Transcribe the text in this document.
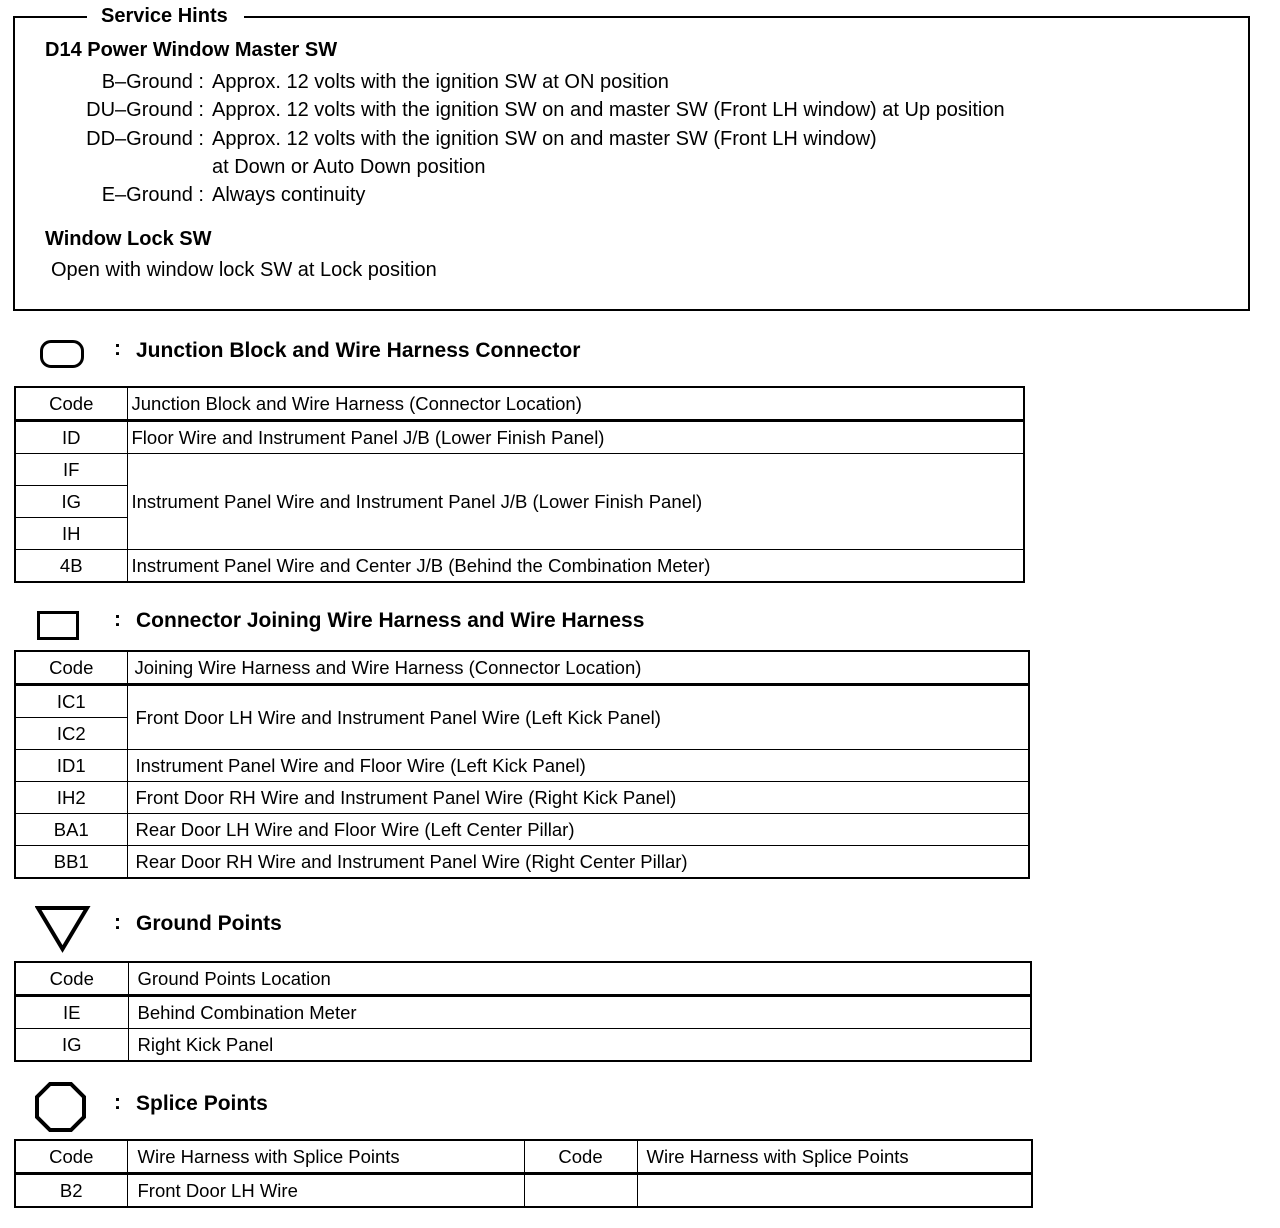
Service Hints
D14 Power Window Master SW
B–Ground : Approx. 12 volts with the ignition SW at ON position
DU–Ground : Approx. 12 volts with the ignition SW on and master SW (Front LH window) at Up position
DD–Ground : Approx. 12 volts with the ignition SW on and master SW (Front LH window)
at Down or Auto Down position
E–Ground : Always continuity
Window Lock SW
Open with window lock SW at Lock position
: Junction Block and Wire Harness Connector
Code	Junction Block and Wire Harness (Connector Location)
ID	Floor Wire and Instrument Panel J/B (Lower Finish Panel)
IF	Instrument Panel Wire and Instrument Panel J/B (Lower Finish Panel)
IG	
IH	
4B	Instrument Panel Wire and Center J/B (Behind the Combination Meter)
: Connector Joining Wire Harness and Wire Harness
Code	Joining Wire Harness and Wire Harness (Connector Location)
IC1	Front Door LH Wire and Instrument Panel Wire (Left Kick Panel)
IC2	
ID1	Instrument Panel Wire and Floor Wire (Left Kick Panel)
IH2	Front Door RH Wire and Instrument Panel Wire (Right Kick Panel)
BA1	Rear Door LH Wire and Floor Wire (Left Center Pillar)
BB1	Rear Door RH Wire and Instrument Panel Wire (Right Center Pillar)
: Ground Points
Code	Ground Points Location
IE	Behind Combination Meter
IG	Right Kick Panel
: Splice Points
Code	Wire Harness with Splice Points	Code	Wire Harness with Splice Points
B2	Front Door LH Wire		
